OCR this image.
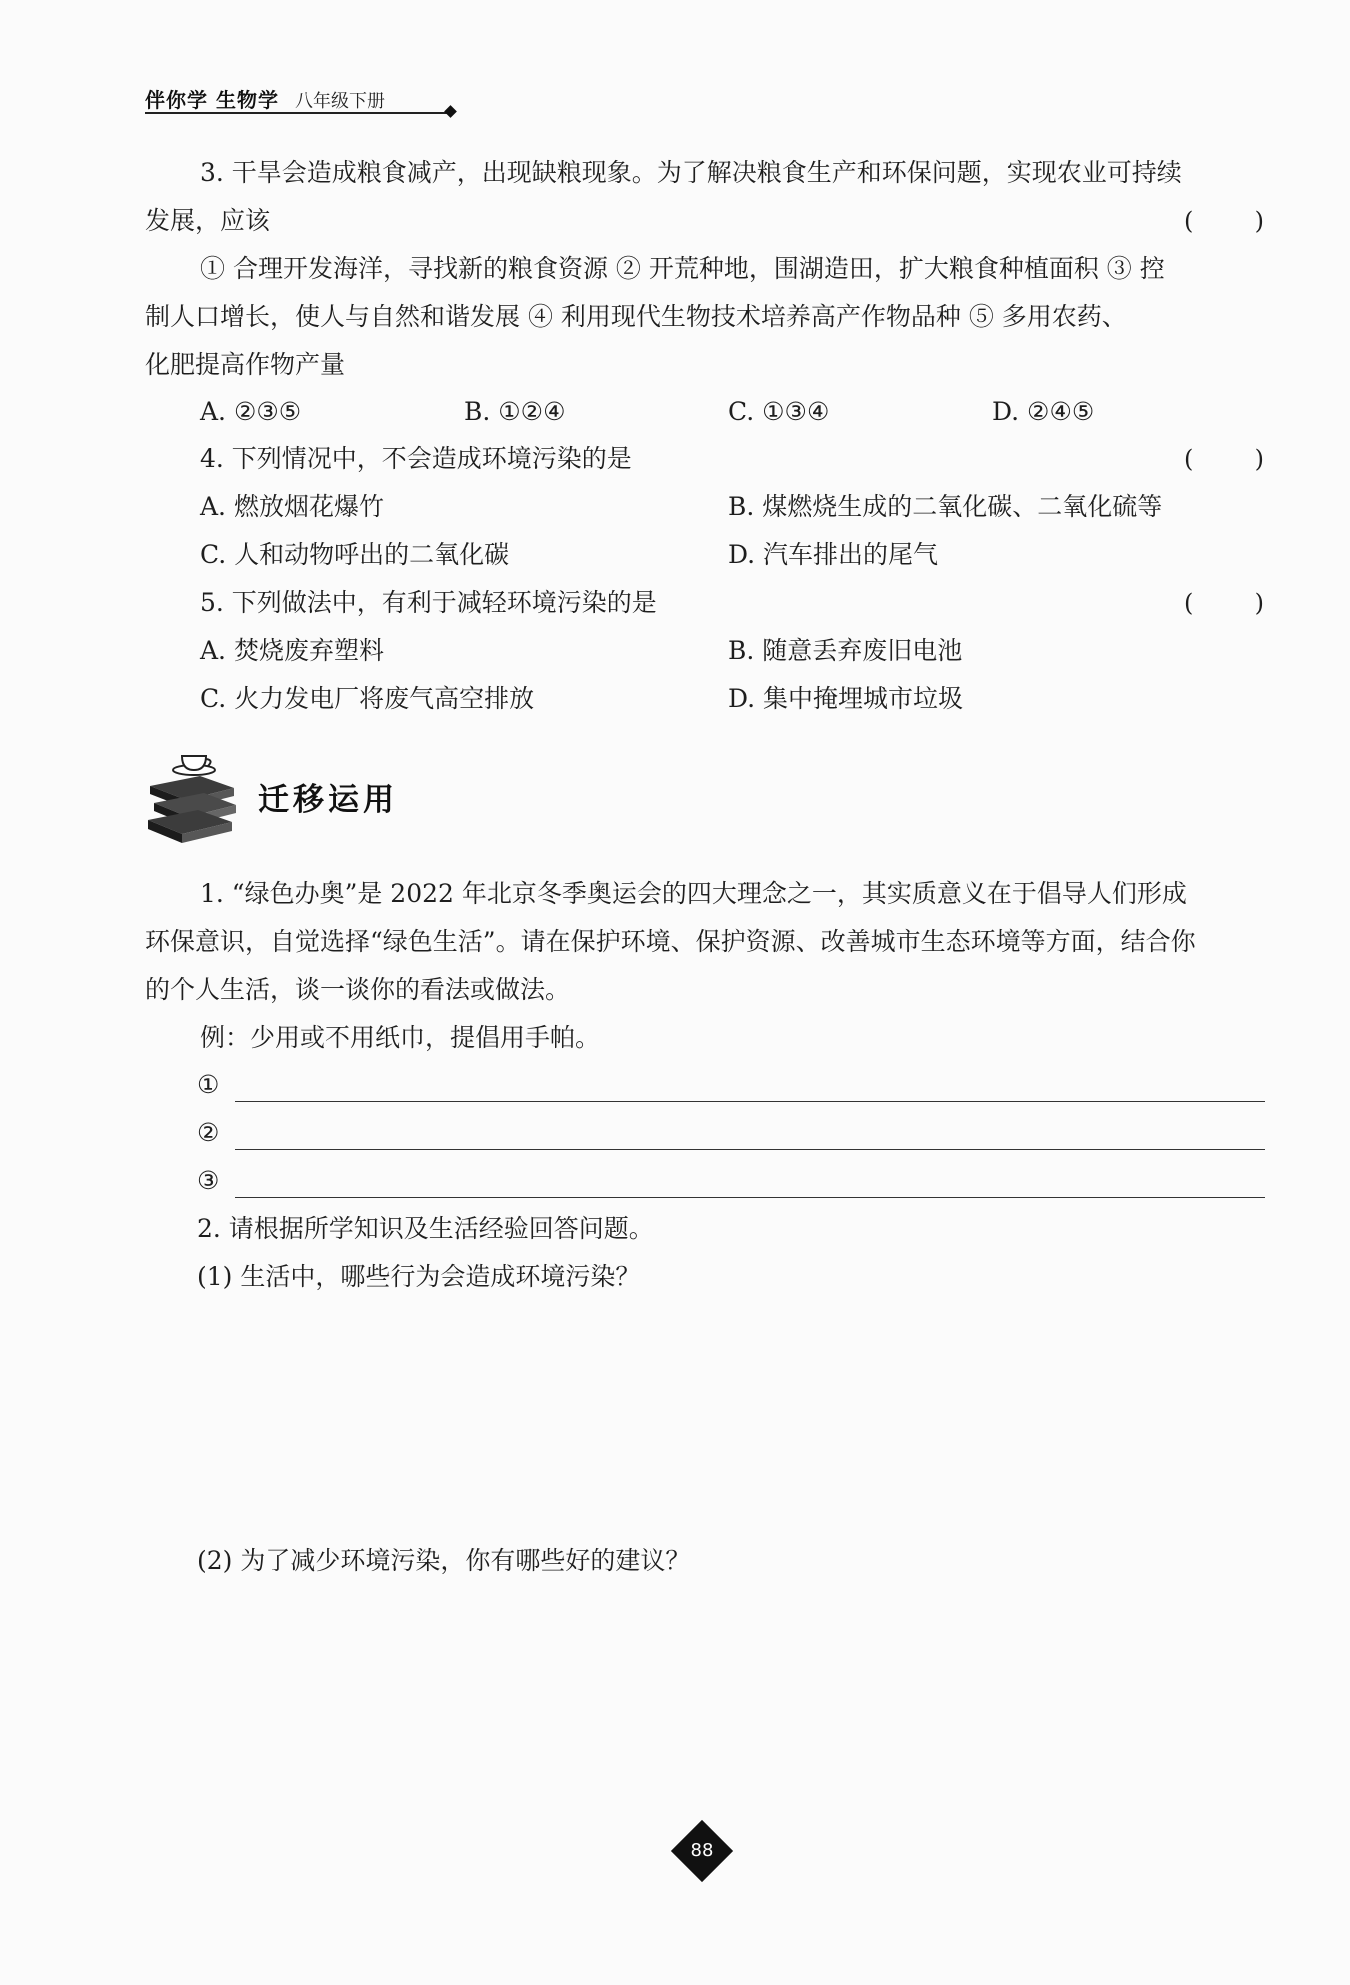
伴你学 生物学 八年级下册
3. 干旱会造成粮食减产，出现缺粮现象。为了解决粮食生产和环保问题，实现农业可持续
发展，应该	(	)
① 合理开发海洋，寻找新的粮食资源 ② 开荒种地，围湖造田，扩大粮食种植面积 ③ 控
制人口增长，使人与自然和谐发展 ④ 利用现代生物技术培养高产作物品种 ⑤ 多用农药、
化肥提高作物产量
A. ②③⑤	B. ①②④	C. ①③④	D. ②④⑤
4. 下列情况中，不会造成环境污染的是	(	)
A. 燃放烟花爆竹	B. 煤燃烧生成的二氧化碳、二氧化硫等
C. 人和动物呼出的二氧化碳	D. 汽车排出的尾气
5. 下列做法中，有利于减轻环境污染的是	(	)
A. 焚烧废弃塑料	B. 随意丢弃废旧电池
C. 火力发电厂将废气高空排放	D. 集中掩埋城市垃圾
迁移运用
1. “绿色办奥”是 2022 年北京冬季奥运会的四大理念之一，其实质意义在于倡导人们形成
环保意识，自觉选择“绿色生活”。请在保护环境、保护资源、改善城市生态环境等方面，结合你
的个人生活，谈一谈你的看法或做法。
例：少用或不用纸巾，提倡用手帕。
①
②
③
2. 请根据所学知识及生活经验回答问题。
(1) 生活中，哪些行为会造成环境污染？
(2) 为了减少环境污染，你有哪些好的建议？
88
